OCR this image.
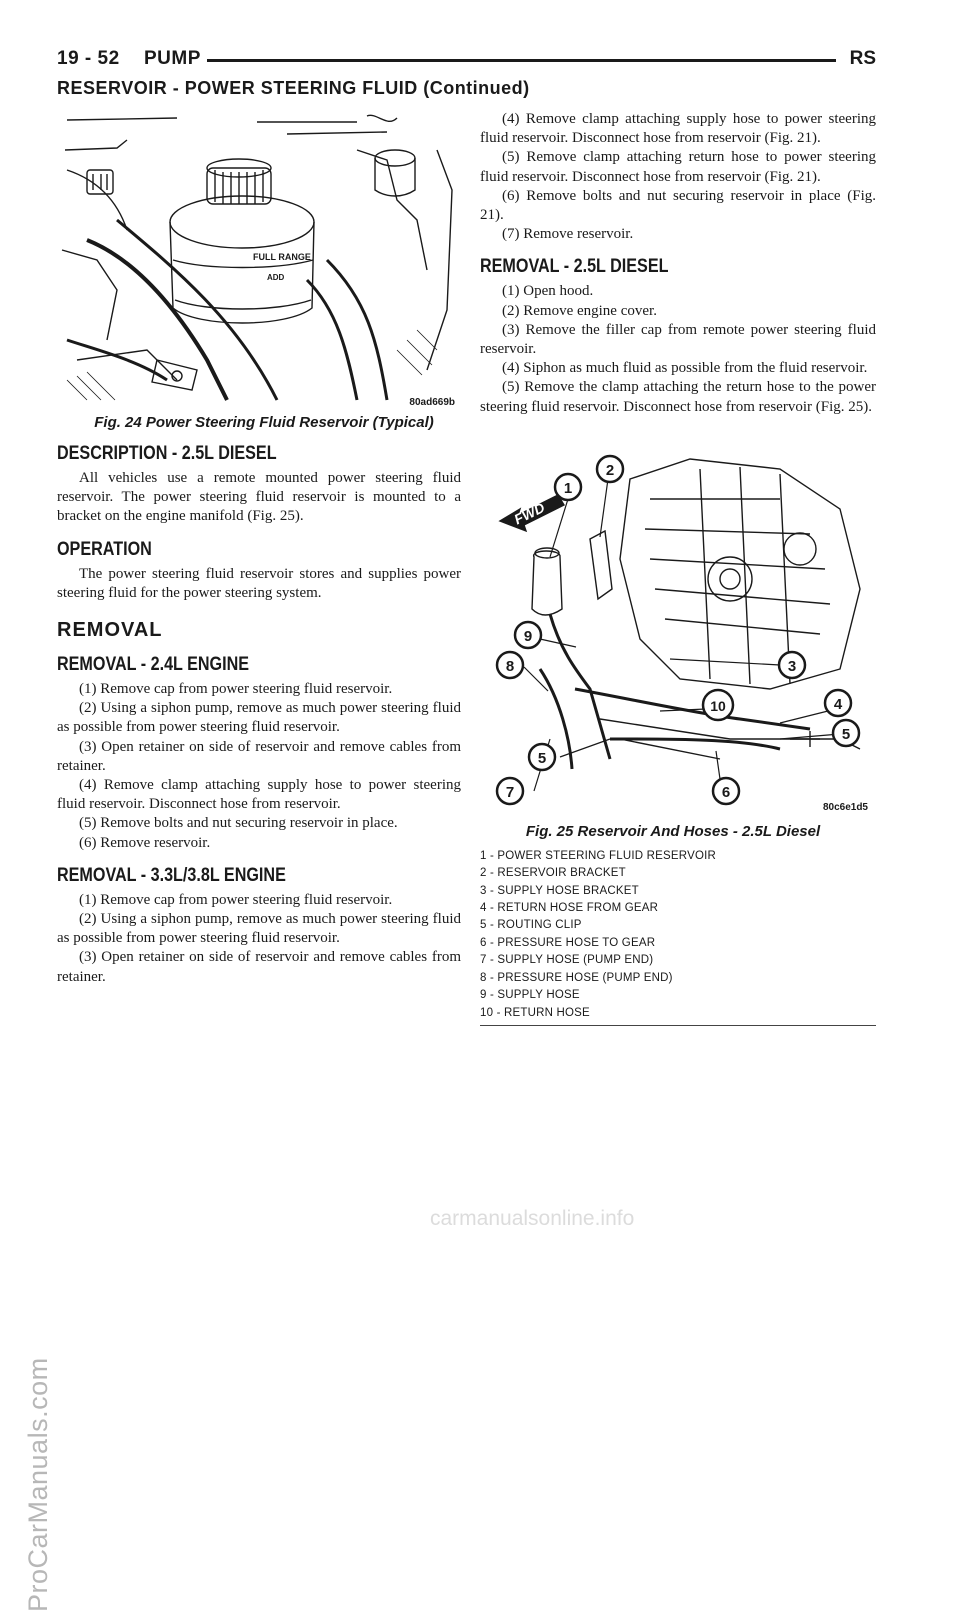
ProCarManuals.com
carmanualsonline.info
19 - 52 PUMP	RS
RESERVOIR - POWER STEERING FLUID (Continued)
FULL RANGE
ADD
80ad669b
Fig. 24 Power Steering Fluid Reservoir (Typical)
DESCRIPTION - 2.5L DIESEL

All vehicles use a remote mounted power steering fluid reservoir. The power steering fluid reservoir is mounted to a bracket on the engine manifold (Fig. 25).

OPERATION

The power steering fluid reservoir stores and supplies power steering fluid for the power steering system.

REMOVAL
REMOVAL - 2.4L ENGINE

(1) Remove cap from power steering fluid reservoir.

(2) Using a siphon pump, remove as much power steering fluid as possible from power steering fluid reservoir.

(3) Open retainer on side of reservoir and remove cables from retainer.

(4) Remove clamp attaching supply hose to power steering fluid reservoir. Disconnect hose from reservoir.

(5) Remove bolts and nut securing reservoir in place.

(6) Remove reservoir.

REMOVAL - 3.3L/3.8L ENGINE

(1) Remove cap from power steering fluid reservoir.

(2) Using a siphon pump, remove as much power steering fluid as possible from power steering fluid reservoir.

(3) Open retainer on side of reservoir and remove cables from retainer.

(4) Remove clamp attaching supply hose to power steering fluid reservoir. Disconnect hose from reservoir (Fig. 21).

(5) Remove clamp attaching return hose to power steering fluid reservoir. Disconnect hose from reservoir (Fig. 21).

(6) Remove bolts and nut securing reservoir in place (Fig. 21).

(7) Remove reservoir.

REMOVAL - 2.5L DIESEL

(1) Open hood.

(2) Remove engine cover.

(3) Remove the filler cap from remote power steering fluid reservoir.

(4) Siphon as much fluid as possible from the fluid reservoir.

(5) Remove the clamp attaching the return hose to the power steering fluid reservoir. Disconnect hose from reservoir (Fig. 25).

FWD
1
2
3
4
5
5
6
7
8
9
10
80c6e1d5
Fig. 25 Reservoir And Hoses - 2.5L Diesel
1 - POWER STEERING FLUID RESERVOIR
2 - RESERVOIR BRACKET
3 - SUPPLY HOSE BRACKET
4 - RETURN HOSE FROM GEAR
5 - ROUTING CLIP
6 - PRESSURE HOSE TO GEAR
7 - SUPPLY HOSE (PUMP END)
8 - PRESSURE HOSE (PUMP END)
9 - SUPPLY HOSE
10 - RETURN HOSE
